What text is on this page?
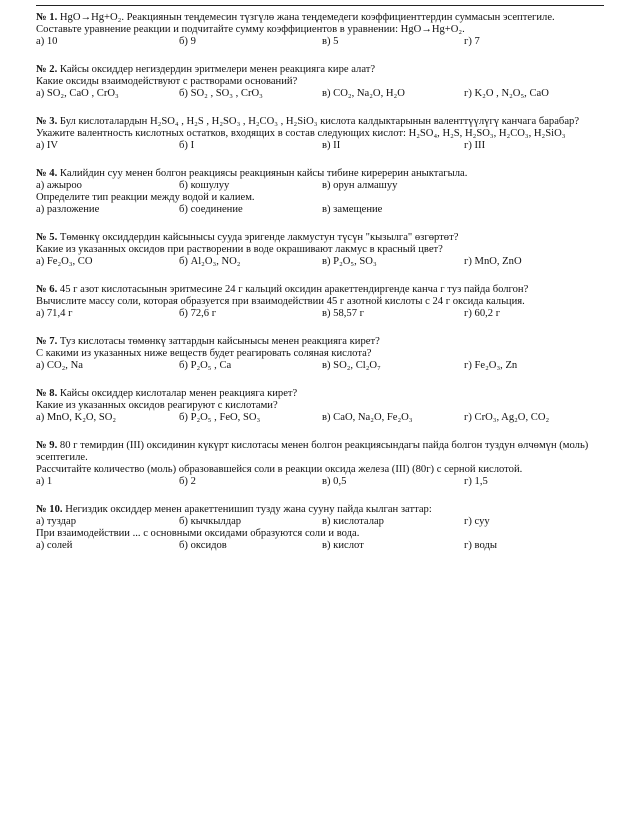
№ 1. HgO→Hg+O₂. Реакциянын теңдемесин түзгүлө жана теңдемедеги коэффициенттердин суммасын эсептегиле.
Составьте уравнение реакции и подчитайте сумму коэффициентов в уравнении: HgO→Hg+O₂.
а) 10	б) 9	в) 5	г) 7
№ 2. Кайсы оксиддер негиздердин эритмелери менен реакцияга кире алат?
Какие оксиды взаимодействуют с растворами оснований?
а) SO₂, CaO , CrO₃	б) SO₂ , SO₃ , CrO₃	в) CO₂, Na₂O, H₂O	г) K₂O , N₂O₅, CaO
№ 3. Бул кислоталардын H₂SO₄ , H₂S , H₂SO₃ , H₂CO₃ , H₂SiO₃ кислота калдыктарынын валенттүүлүгү канчага барабар?
Укажите валентность кислотных остатков, входящих в состав следующих кислот: H₂SO₄, H₂S, H₂SO₃, H₂CO₃, H₂SiO₃
а) IV	б) I	в) II	г) III
№ 4. Калийдин суу менен болгон реакциясы реакциянын кайсы тибине киререрин аныктагыла.
а) ажыроо	б) кошулуу	в) орун алмашуу
Определите тип реакции между водой и калием.
а) разложение	б) соединение	в) замещение
№ 5. Төмөнкү оксиддердин кайсынысы сууда эригенде лакмустун түсүн "кызылга" өзгөртөт?
Какие из указанных оксидов при растворении в воде окрашивают лакмус в красный цвет?
а) Fe₂O₃, CO	б) Al₂O₃, NO₂	в) P₂O₅, SO₃	г) MnO, ZnO
№ 6. 45 г азот кислотасынын эритмесине 24 г кальций оксидин аракеттендиргенде канча г туз пайда болгон?
Вычислите массу соли, которая образуется при взаимодействии 45 г азотной кислоты с 24 г оксида кальция.
а) 71,4 г	б) 72,6 г	в) 58,57 г	г) 60,2 г
№ 7. Туз кислотасы төмөнкү заттардын кайсынысы менен реакцияга кирет?
С какими из указанных ниже веществ будет реагировать соляная кислота?
а) CO₂, Na	б) P₂O₅ , Ca	в) SO₂, Cl₂O₇	г) Fe₂O₃, Zn
№ 8. Кайсы оксиддер кислоталар менен реакцияга кирет?
Какие из указанных оксидов реагируют с кислотами?
а) MnO, K₂O, SO₂	б) P₂O₅ , FeO, SO₃	в) CaO, Na₂O, Fe₂O₃	г) CrO₃, Ag₂O, CO₂
№ 9. 80 г темирдин (III) оксидинин күкүрт кислотасы менен болгон реакциясындагы пайда болгон туздун өлчөмүн (моль) эсептегиле.
Рассчитайте количество (моль) образовавшейся соли в реакции оксида железа (III) (80г) с серной кислотой.
а) 1	б) 2	в) 0,5	г) 1,5
№ 10. Негиздик оксиддер менен аракеттенишип тузду жана сууну пайда кылган заттар:
а) туздар	б) кычкылдар	в) кислоталар	г) суу
При взаимодействии ... с основными оксидами образуются соли и вода.
а) солей	б) оксидов	в) кислот	г) воды
